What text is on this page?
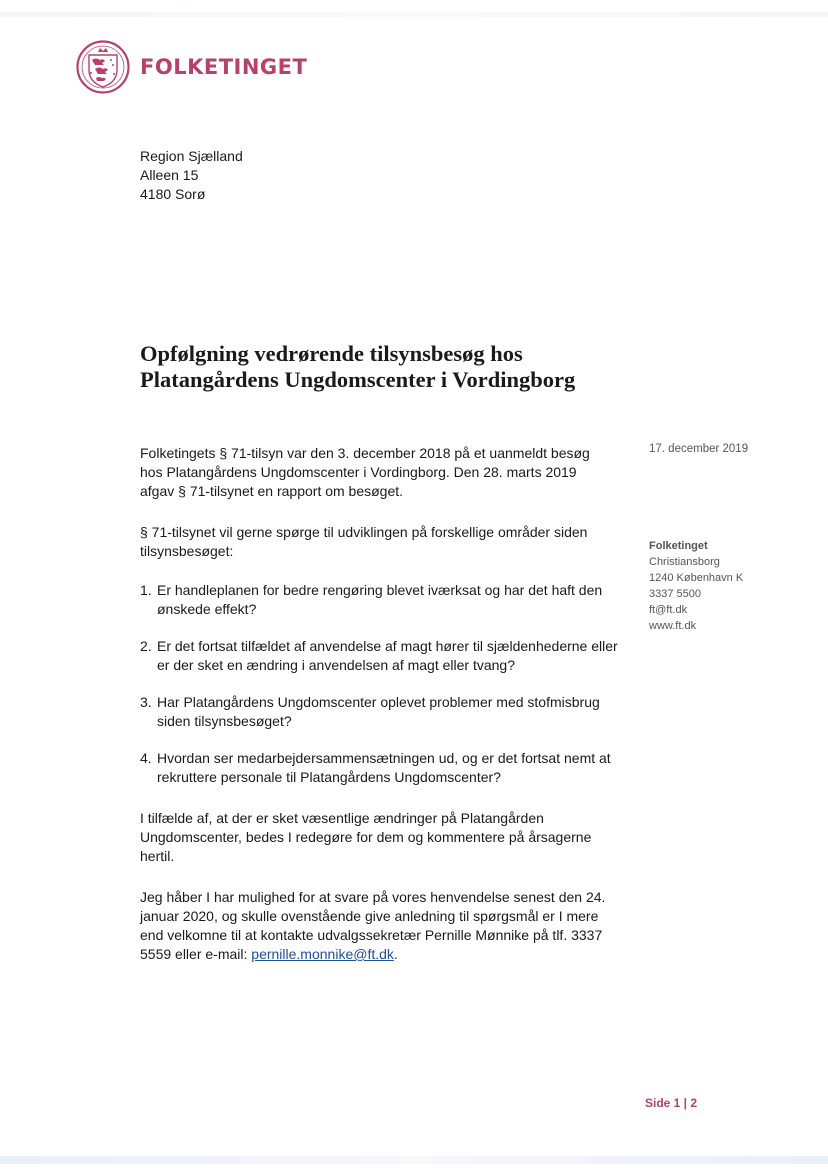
FOLKETINGET
Region Sjælland
Alleen 15
4180 Sorø
Opfølgning vedrørende tilsynsbesøg hos Platangårdens Ungdomscenter i Vordingborg
17. december 2019
Folketinget
Christiansborg
1240 København K
3337 5500
ft@ft.dk
www.ft.dk

Folketingets § 71-tilsyn var den 3. december 2018 på et uanmeldt besøg hos Platangårdens Ungdomscenter i Vordingborg. Den 28. marts 2019 afgav § 71-tilsynet en rapport om besøget.

§ 71-tilsynet vil gerne spørge til udviklingen på forskellige områder siden tilsynsbesøget:

1. Er handleplanen for bedre rengøring blevet iværksat og har det haft den ønskede effekt?
2. Er det fortsat tilfældet af anvendelse af magt hører til sjældenhederne eller er der sket en ændring i anvendelsen af magt eller tvang?
3. Har Platangårdens Ungdomscenter oplevet problemer med stofmisbrug siden tilsynsbesøget?
4. Hvordan ser medarbejdersammensætningen ud, og er det fortsat nemt at rekruttere personale til Platangårdens Ungdomscenter?

I tilfælde af, at der er sket væsentlige ændringer på Platangården Ungdomscenter, bedes I redegøre for dem og kommentere på årsagerne hertil.

Jeg håber I har mulighed for at svare på vores henvendelse senest den 24. januar 2020, og skulle ovenstående give anledning til spørgsmål er I mere end velkomne til at kontakte udvalgssekretær Pernille Mønnike på tlf. 3337 5559 eller e-mail: pernille.monnike@ft.dk.

Side 1 | 2
